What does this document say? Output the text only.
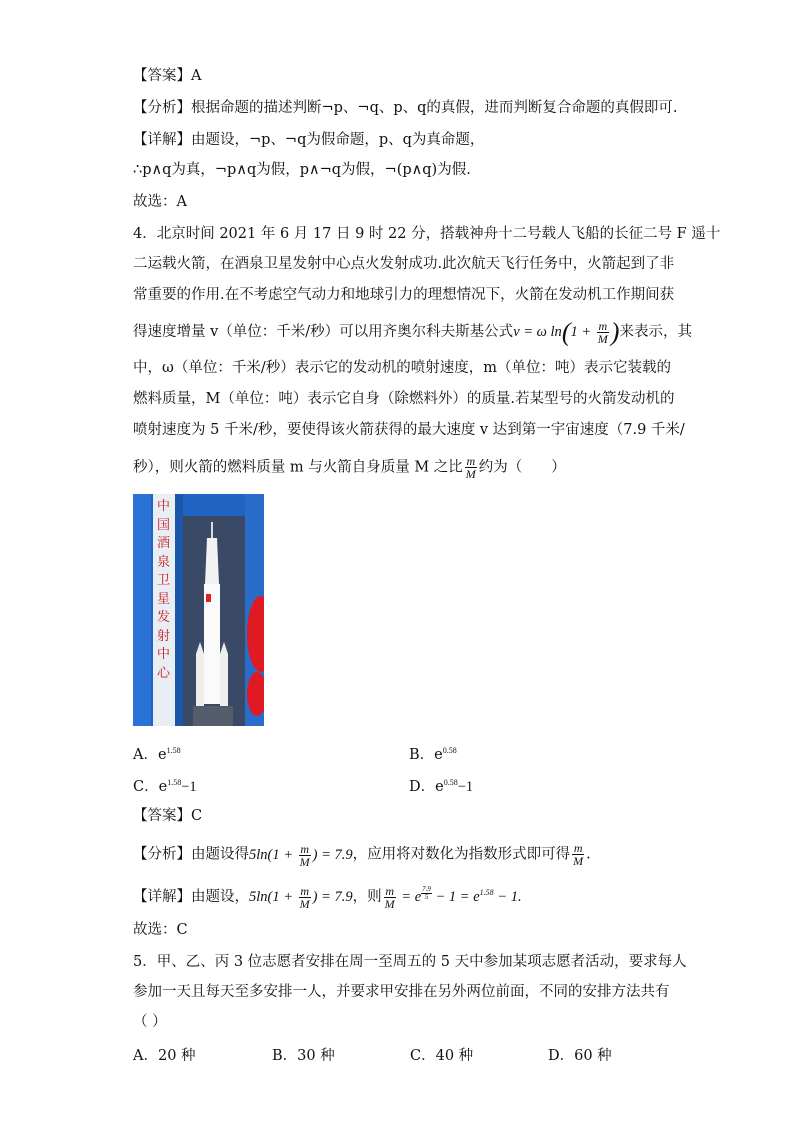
【答案】A
【分析】根据命题的描述判断¬p、¬q、p、q的真假，进而判断复合命题的真假即可.
【详解】由题设，¬p、¬q为假命题，p、q为真命题，
∴p∧q为真，¬p∧q为假，p∧¬q为假，¬(p∧q)为假.
故选：A
4．北京时间 2021 年 6 月 17 日 9 时 22 分，搭载神舟十二号载人飞船的长征二号 F 遥十
二运载火箭，在酒泉卫星发射中心点火发射成功.此次航天飞行任务中，火箭起到了非
常重要的作用.在不考虑空气动力和地球引力的理想情况下，火箭在发动机工作期间获
得速度增量 v（单位：千米/秒）可以用齐奥尔科夫斯基公式v = ω $\ln(1 + \frac{m}{M}$ )来表示，其
中，ω（单位：千米/秒）表示它的发动机的喷射速度，m（单位：吨）表示它装载的
燃料质量，M（单位：吨）表示它自身（除燃料外）的质量.若某型号的火箭发动机的
喷射速度为 5 千米/秒，要使得该火箭获得的最大速度 v 达到第一宇宙速度（7.9 千米/
秒），则火箭的燃料质量 m 与火箭自身质量 M 之比 $\frac{m}{M}$ 约为（　　）
中国酒泉卫星发射中心
A．$e^{1.58}$	B．$e^{0.58}$
C．$e^{1.58}-1$	D．$e^{0.58}-1$
【答案】C
【分析】由题设得$5\ln(1 + \frac{m}{M}$ ) = 7.9，应用将对数化为指数形式即可得 $\frac{m}{M}$ .
【详解】由题设，$5\ln(1 + \frac{m}{M}$ ) = 7.9，则 $\frac{m}{M} = e$ $^{\frac{7.9}{5}} - 1 = e^{1.58} - 1$.
故选：C
5．甲、乙、丙 3 位志愿者安排在周一至周五的 5 天中参加某项志愿者活动，要求每人
参加一天且每天至多安排一人，并要求甲安排在另外两位前面，不同的安排方法共有
（ ）
A．20 种	B．30 种	C．40 种	D．60 种
